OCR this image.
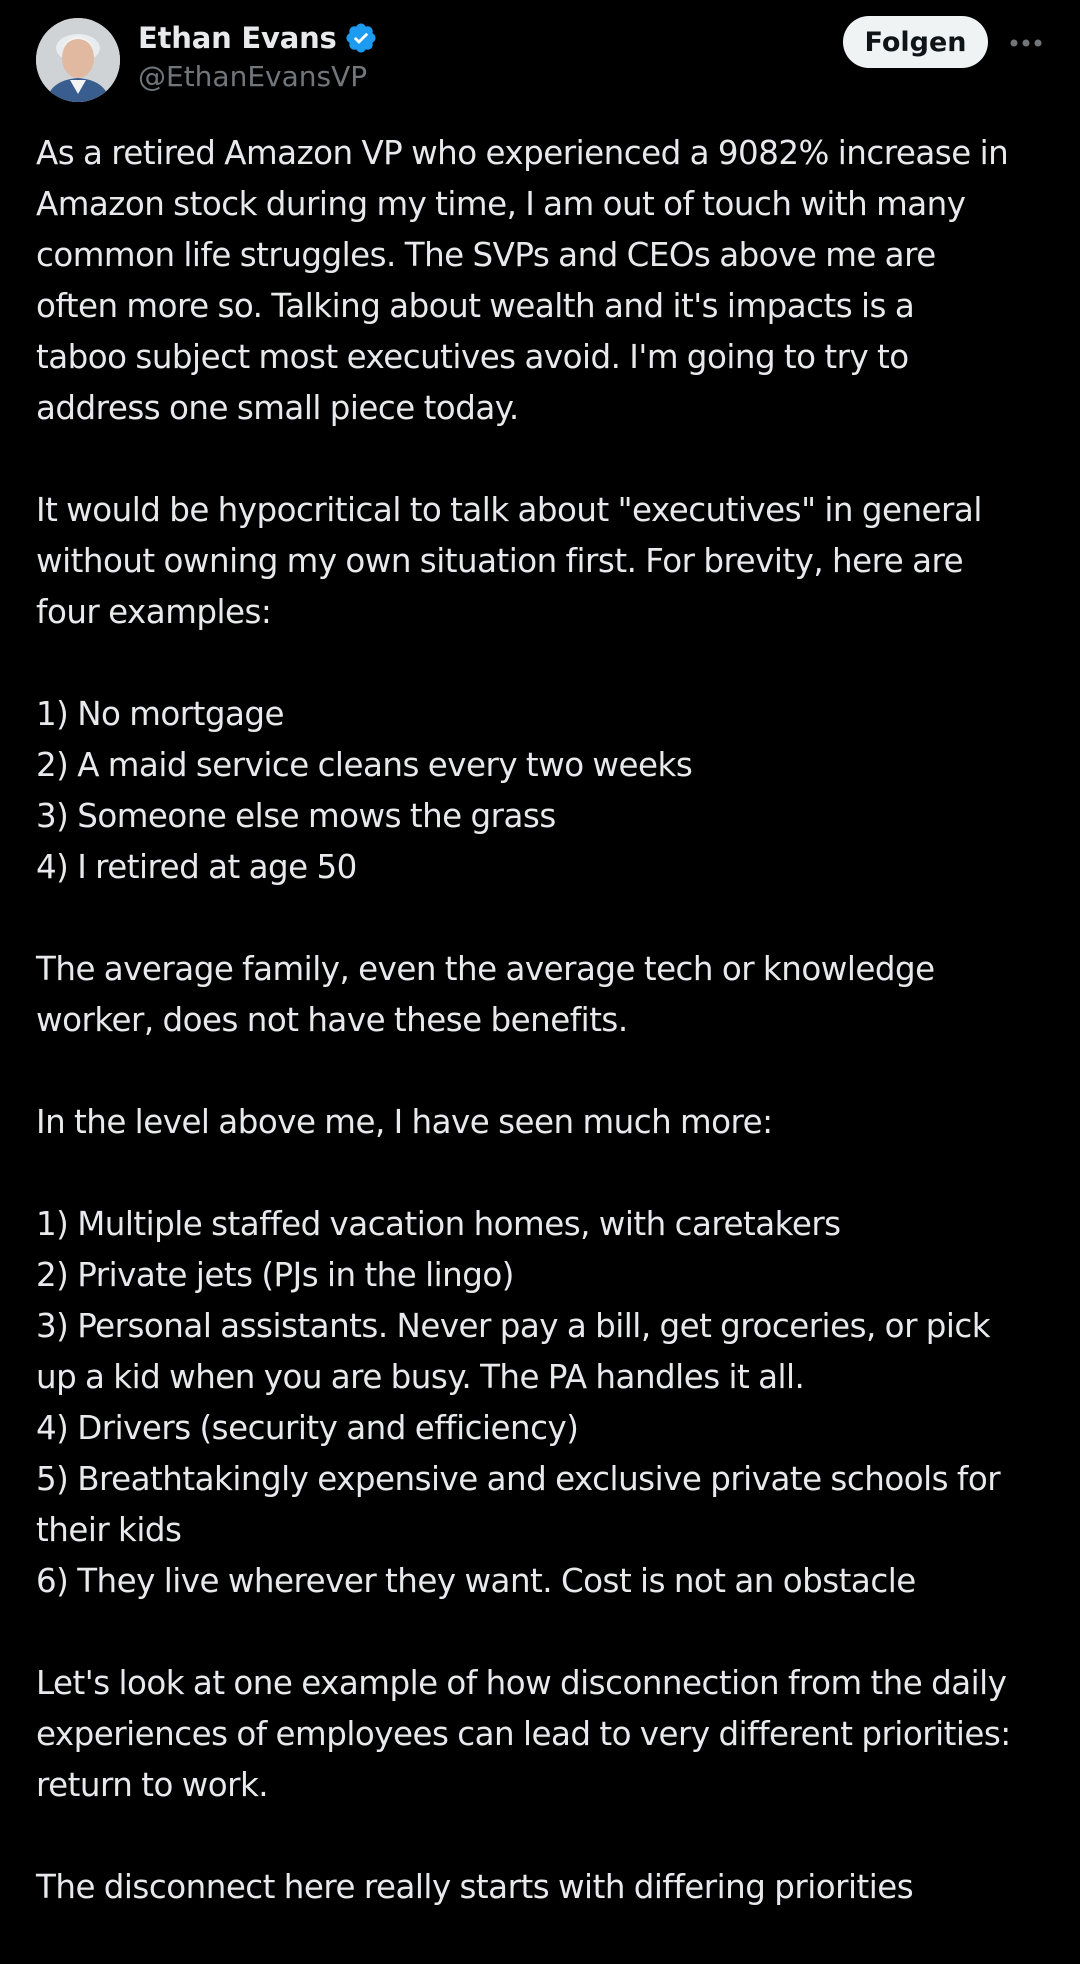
Ethan Evans
@EthanEvansVP
Folgen
As a retired Amazon VP who experienced a 9082% increase in
Amazon stock during my time, I am out of touch with many
common life struggles. The SVPs and CEOs above me are
often more so. Talking about wealth and it's impacts is a
taboo subject most executives avoid. I'm going to try to
address one small piece today.
It would be hypocritical to talk about "executives" in general
without owning my own situation first. For brevity, here are
four examples:
1) No mortgage
2) A maid service cleans every two weeks
3) Someone else mows the grass
4) I retired at age 50
The average family, even the average tech or knowledge
worker, does not have these benefits.
In the level above me, I have seen much more:
1) Multiple staffed vacation homes, with caretakers
2) Private jets (PJs in the lingo)
3) Personal assistants. Never pay a bill, get groceries, or pick
up a kid when you are busy. The PA handles it all.
4) Drivers (security and efficiency)
5) Breathtakingly expensive and exclusive private schools for
their kids
6) They live wherever they want. Cost is not an obstacle
Let's look at one example of how disconnection from the daily
experiences of employees can lead to very different priorities:
return to work.
The disconnect here really starts with differing priorities
